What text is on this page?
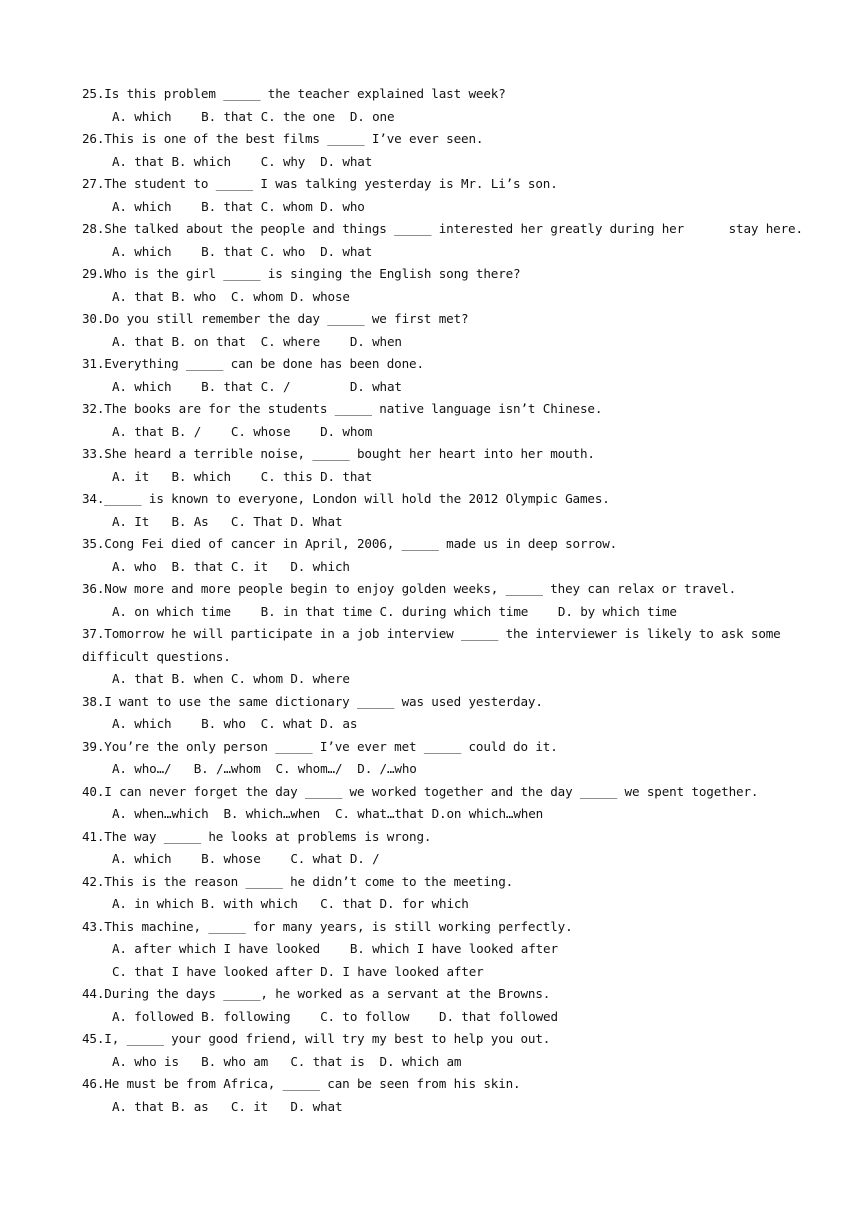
25.Is this problem _____ the teacher explained last week?
A. which    B. that C. the one  D. one
26.This is one of the best films _____ I’ve ever seen.
A. that B. which    C. why  D. what
27.The student to _____ I was talking yesterday is Mr. Li’s son.
A. which    B. that C. whom D. who
28.She talked about the people and things _____ interested her greatly during her      stay here.
A. which    B. that C. who  D. what
29.Who is the girl _____ is singing the English song there?
A. that B. who  C. whom D. whose
30.Do you still remember the day _____ we first met?
A. that B. on that  C. where    D. when
31.Everything _____ can be done has been done.
A. which    B. that C. /        D. what
32.The books are for the students _____ native language isn’t Chinese.
A. that B. /    C. whose    D. whom
33.She heard a terrible noise, _____ bought her heart into her mouth.
A. it   B. which    C. this D. that
34._____ is known to everyone, London will hold the 2012 Olympic Games.
A. It   B. As   C. That D. What
35.Cong Fei died of cancer in April, 2006, _____ made us in deep sorrow.
A. who  B. that C. it   D. which
36.Now more and more people begin to enjoy golden weeks, _____ they can relax or travel.
A. on which time    B. in that time C. during which time    D. by which time
37.Tomorrow he will participate in a job interview _____ the interviewer is likely to ask some difficult questions.
A. that B. when C. whom D. where
38.I want to use the same dictionary _____ was used yesterday.
A. which    B. who  C. what D. as
39.You’re the only person _____ I’ve ever met _____ could do it.
A. who…/   B. /…whom  C. whom…/  D. /…who
40.I can never forget the day _____ we worked together and the day _____ we spent together.
A. when…which  B. which…when  C. what…that D.on which…when
41.The way _____ he looks at problems is wrong.
A. which    B. whose    C. what D. /
42.This is the reason _____ he didn’t come to the meeting.
A. in which B. with which   C. that D. for which
43.This machine, _____ for many years, is still working perfectly.
A. after which I have looked    B. which I have looked after
C. that I have looked after D. I have looked after
44.During the days _____, he worked as a servant at the Browns.
A. followed B. following    C. to follow    D. that followed
45.I, _____ your good friend, will try my best to help you out.
A. who is   B. who am   C. that is  D. which am
46.He must be from Africa, _____ can be seen from his skin.
A. that B. as   C. it   D. what
